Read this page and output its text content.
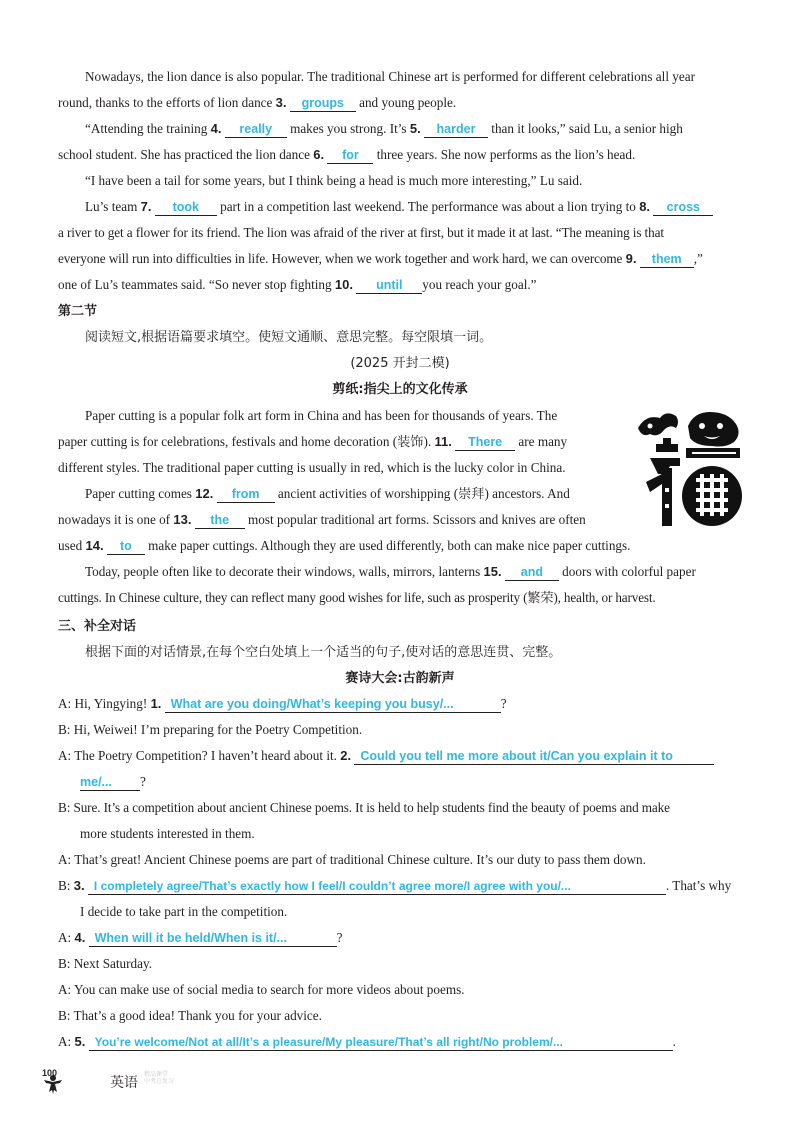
Nowadays, the lion dance is also popular. The traditional Chinese art is performed for different celebrations all year
round, thanks to the efforts of lion dance 3. groups and young people.
“Attending the training 4. really makes you strong. It’s 5. harder than it looks,” said Lu, a senior high
school student. She has practiced the lion dance 6. for three years. She now performs as the lion’s head.
“I have been a tail for some years, but I think being a head is much more interesting,” Lu said.
Lu’s team 7. took part in a competition last weekend. The performance was about a lion trying to 8. cross
a river to get a flower for its friend. The lion was afraid of the river at first, but it made it at last. “The meaning is that
everyone will run into difficulties in life. However, when we work together and work hard, we can overcome 9. them ,”
one of Lu’s teammates said. “So never stop fighting 10. until you reach your goal.”
第二节
阅读短文,根据语篇要求填空。使短文通顺、意思完整。每空限填一词。
(2025 开封二模)
剪纸:指尖上的文化传承
Paper cutting is a popular folk art form in China and has been for thousands of years. The
paper cutting is for celebrations, festivals and home decoration (装饰). 11. There are many
different styles. The traditional paper cutting is usually in red, which is the lucky color in China.
Paper cutting comes 12. from ancient activities of worshipping (崇拜) ancestors. And
nowadays it is one of 13. the most popular traditional art forms. Scissors and knives are often
used 14. to make paper cuttings. Although they are used differently, both can make nice paper cuttings.
Today, people often like to decorate their windows, walls, mirrors, lanterns 15. and doors with colorful paper
cuttings. In Chinese culture, they can reflect many good wishes for life, such as prosperity (繁荣), health, or harvest.
三、补全对话
根据下面的对话情景,在每个空白处填上一个适当的句子,使对话的意思连贯、完整。
赛诗大会:古韵新声
A: Hi, Yingying! 1. What are you doing/What’s keeping you busy/...	?
B: Hi, Weiwei! I’m preparing for the Poetry Competition.
A: The Poetry Competition? I haven’t heard about it. 2. Could you tell me more about it/Can you explain it to
me/... ?
B: Sure. It’s a competition about ancient Chinese poems. It is held to help students find the beauty of poems and make
more students interested in them.
A: That’s great! Ancient Chinese poems are part of traditional Chinese culture. It’s our duty to pass them down.
B: 3. I completely agree/That’s exactly how I feel/I couldn’t agree more/I agree with you/...	. That’s why
I decide to take part in the competition.
A: 4. When will it be held/When is it/...	?
B: Next Saturday.
A: You can make use of social media to search for more videos about poems.
B: That’s a good idea! Thank you for your advice.
A: 5. You’re welcome/Not at all/It’s a pleasure/My pleasure/That’s all right/No problem/...	.
100
英语
精品课堂
中考总复习
